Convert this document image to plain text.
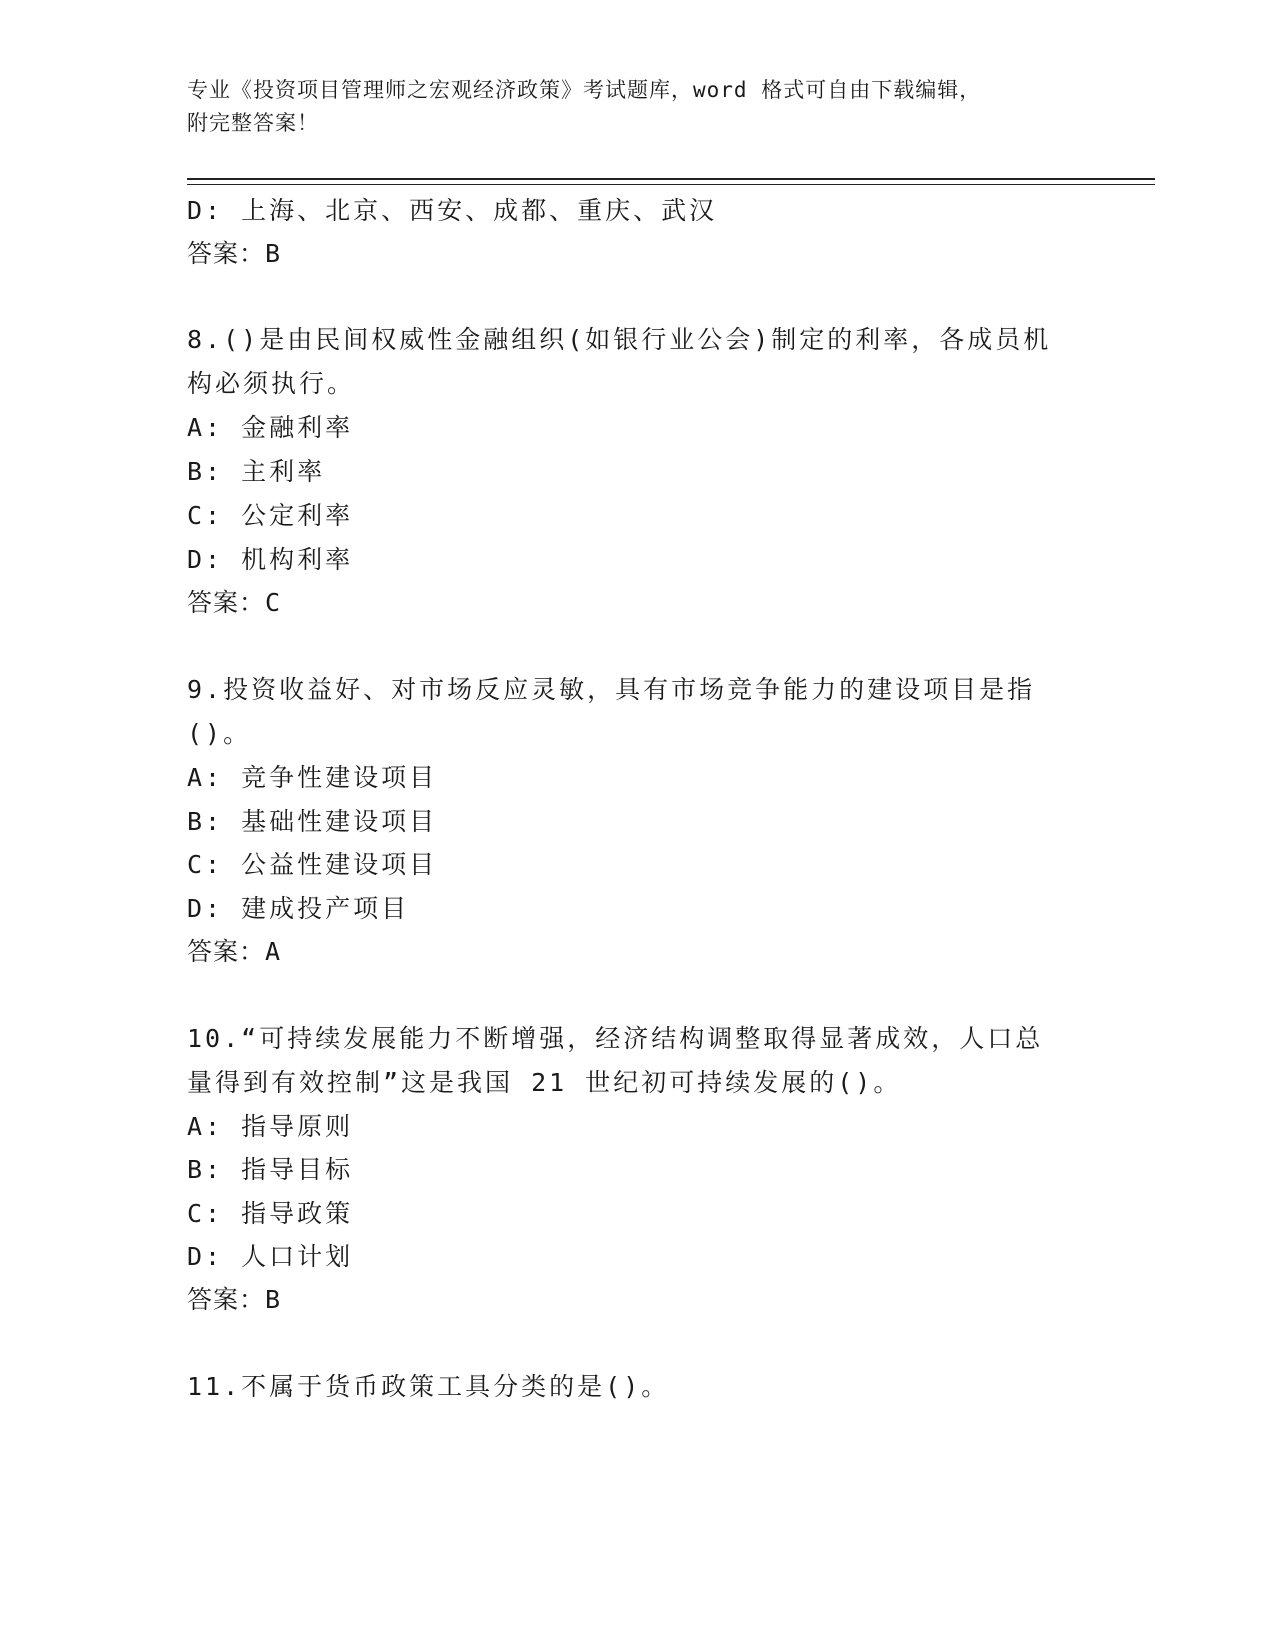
专业《投资项目管理师之宏观经济政策》考试题库，word 格式可自由下载编辑，
附完整答案！
D: 上海、北京、西安、成都、重庆、武汉
答案：B
8.()是由民间权威性金融组织(如银行业公会)制定的利率，各成员机
构必须执行。
A: 金融利率
B: 主利率
C: 公定利率
D: 机构利率
答案：C
9.投资收益好、对市场反应灵敏，具有市场竞争能力的建设项目是指
()。
A: 竞争性建设项目
B: 基础性建设项目
C: 公益性建设项目
D: 建成投产项目
答案：A
10.“可持续发展能力不断增强，经济结构调整取得显著成效，人口总
量得到有效控制”这是我国 21 世纪初可持续发展的()。
A: 指导原则
B: 指导目标
C: 指导政策
D: 人口计划
答案：B
11.不属于货币政策工具分类的是()。
